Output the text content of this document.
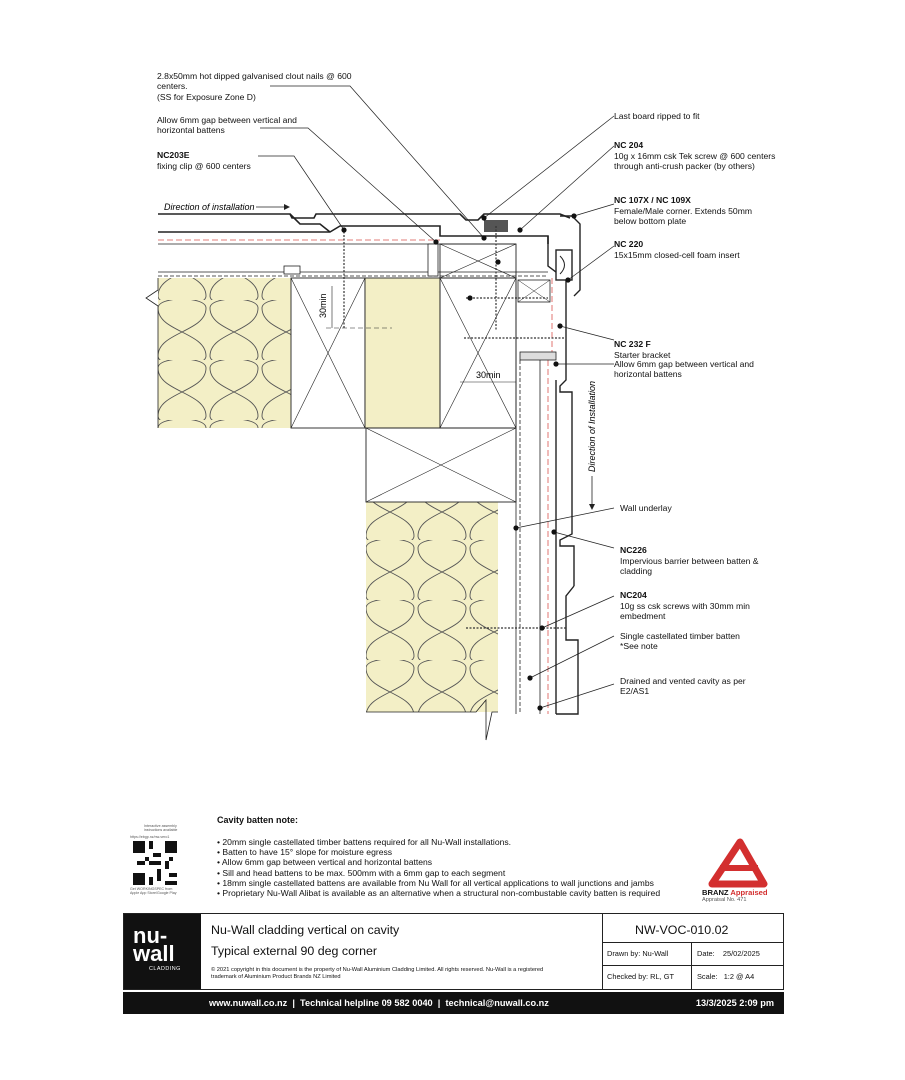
30min
30min
Direction of installation
Direction of Installation
2.8x50mm hot dipped galvanised clout nails @ 600 centers.
(SS for Exposure Zone D)
Allow 6mm gap between vertical and horizontal battens

NC203E
fixing clip @ 600 centers

Last board ripped to fit

NC 204
10g x 16mm csk Tek screw @ 600 centers through anti-crush packer (by others)

NC 107X / NC 109X
Female/Male corner. Extends 50mm below bottom plate

NC 220
15x15mm closed-cell foam insert

NC 232 F
Starter bracket

Allow 6mm gap between vertical and horizontal battens
Wall underlay

NC226
Impervious barrier between batten & cladding

NC204
10g ss csk screws with 30mm min embedment

Single castellated timber batten
*See note
Drained and vented cavity as per E2/AS1
Cavity batten note:
• 20mm single castellated timber battens required for all Nu-Wall installations.
• Batten to have 15° slope for moisture egress
• Allow 6mm gap between vertical and horizontal battens
• Sill and head battens to be max. 500mm with a 6mm gap to each segment
• 18mm single castellated battens are available from Nu Wall for all vertical applications to wall junctions and jambs
• Proprietary Nu-Wall Alibat is available as an alternative when a structural non-combustable cavity batten is required
Interactive assembly instructions available
https://ebgp.nz/nw-vero1
Get WORKINGSPEC from Apple App Store/Google Play	BRANZ Appraised
Appraisal No. 471
nu-
wall
CLADDING
Nu-Wall cladding vertical on cavity
Typical external 90 deg corner
© 2021 copyright in this document is the property of Nu-Wall Aluminium Cladding Limited. All rights reserved. Nu-Wall is a registered trademark of Aluminium Product Brands NZ Limited
NW-VOC-010.02
Drawn by: Nu-Wall	Date:    25/02/2025
Checked by: RL, GT	Scale:   1:2 @ A4
www.nuwall.co.nz  |  Technical helpline 09 582 0040  |  technical@nuwall.co.nz	13/3/2025 2:09 pm
